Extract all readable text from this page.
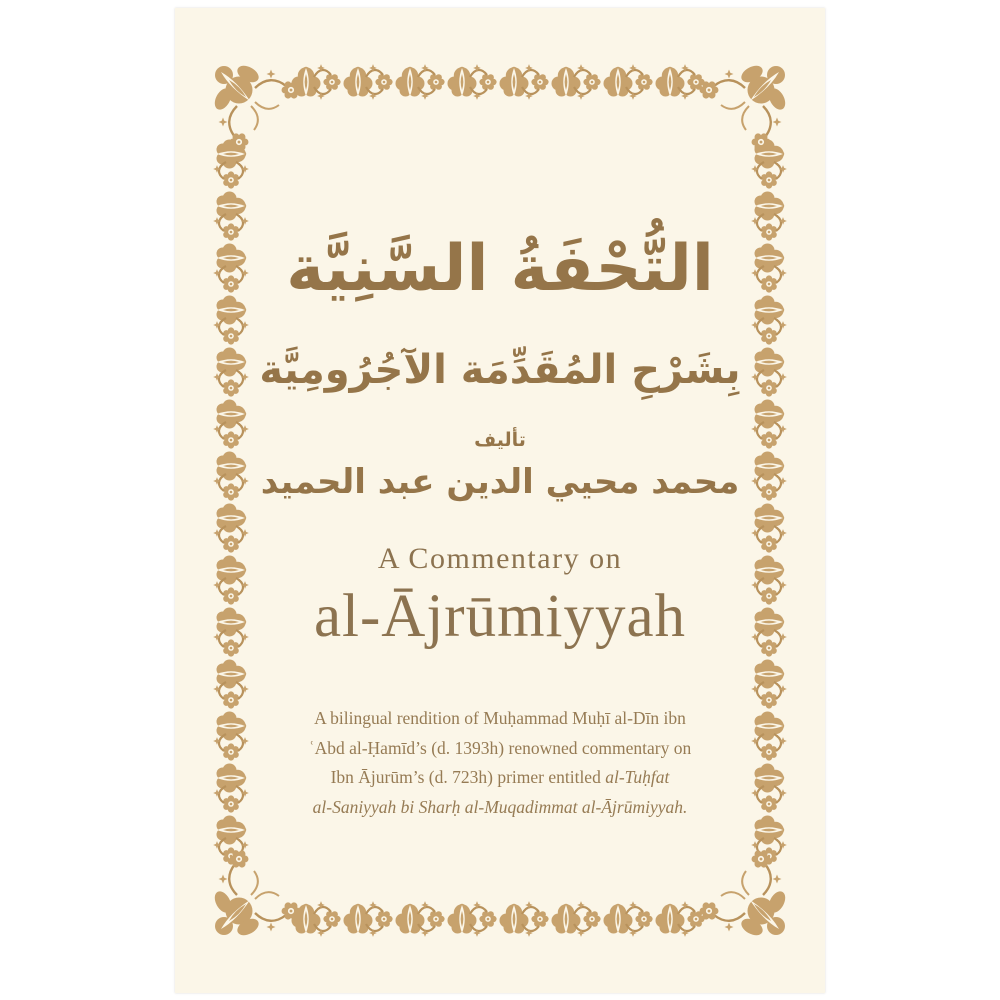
التُّحْفَةُ السَّنِيَّة
بِشَرْحِ المُقَدِّمَة الآجُرُومِيَّة
تأليف
محمد محيي الدين عبد الحميد
A Commentary on
al-Ājrūmiyyah
A bilingual rendition of Muḥammad Muḥī al-Dīn ibn
ʿAbd al-Ḥamīd’s (d. 1393h) renowned commentary on
Ibn Ājurūm’s (d. 723h) primer entitled al-Tuḥfat
al-Saniyyah bi Sharḥ al-Muqadimmat al-Ājrūmiyyah.
